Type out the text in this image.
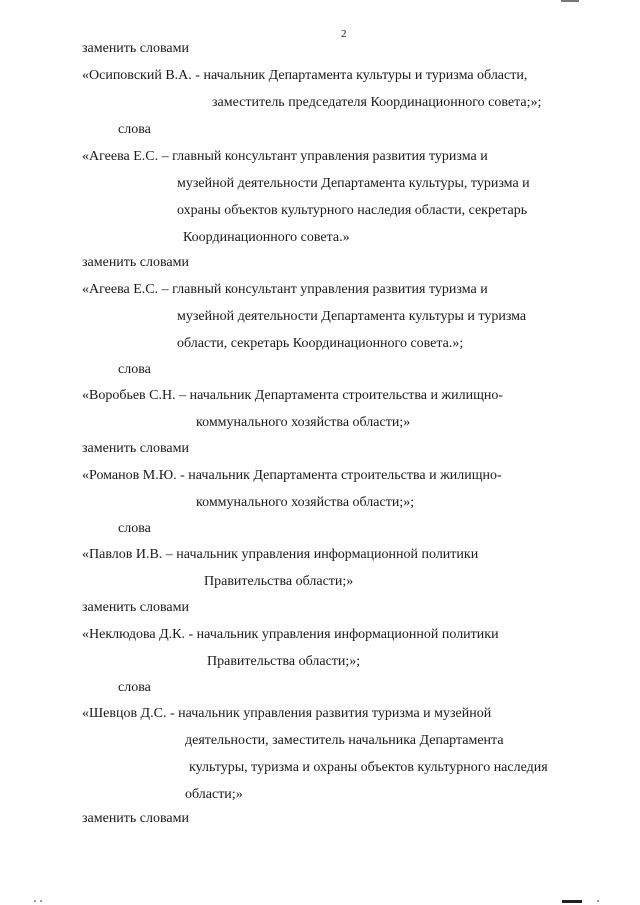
2
заменить словами
«Осиповский В.А. - начальник Департамента культуры и туризма области,
заместитель председателя Координационного совета;»;
слова
«Агеева Е.С. – главный консультант управления развития туризма и
музейной деятельности Департамента культуры, туризма и
охраны объектов культурного наследия области, секретарь
Координационного совета.»
заменить словами
«Агеева Е.С. – главный консультант управления развития туризма и
музейной деятельности Департамента культуры и туризма
области, секретарь Координационного совета.»;
слова
«Воробьев С.Н. – начальник Департамента строительства и жилищно-
коммунального хозяйства области;»
заменить словами
«Романов М.Ю. - начальник Департамента строительства и жилищно-
коммунального хозяйства области;»;
слова
«Павлов И.В. – начальник управления информационной политики
Правительства области;»
заменить словами
«Неклюдова Д.К. - начальник управления информационной политики
Правительства области;»;
слова
«Шевцов Д.С. - начальник управления развития туризма и музейной
деятельности, заместитель начальника Департамента
культуры, туризма и охраны объектов культурного наследия
области;»
заменить словами
